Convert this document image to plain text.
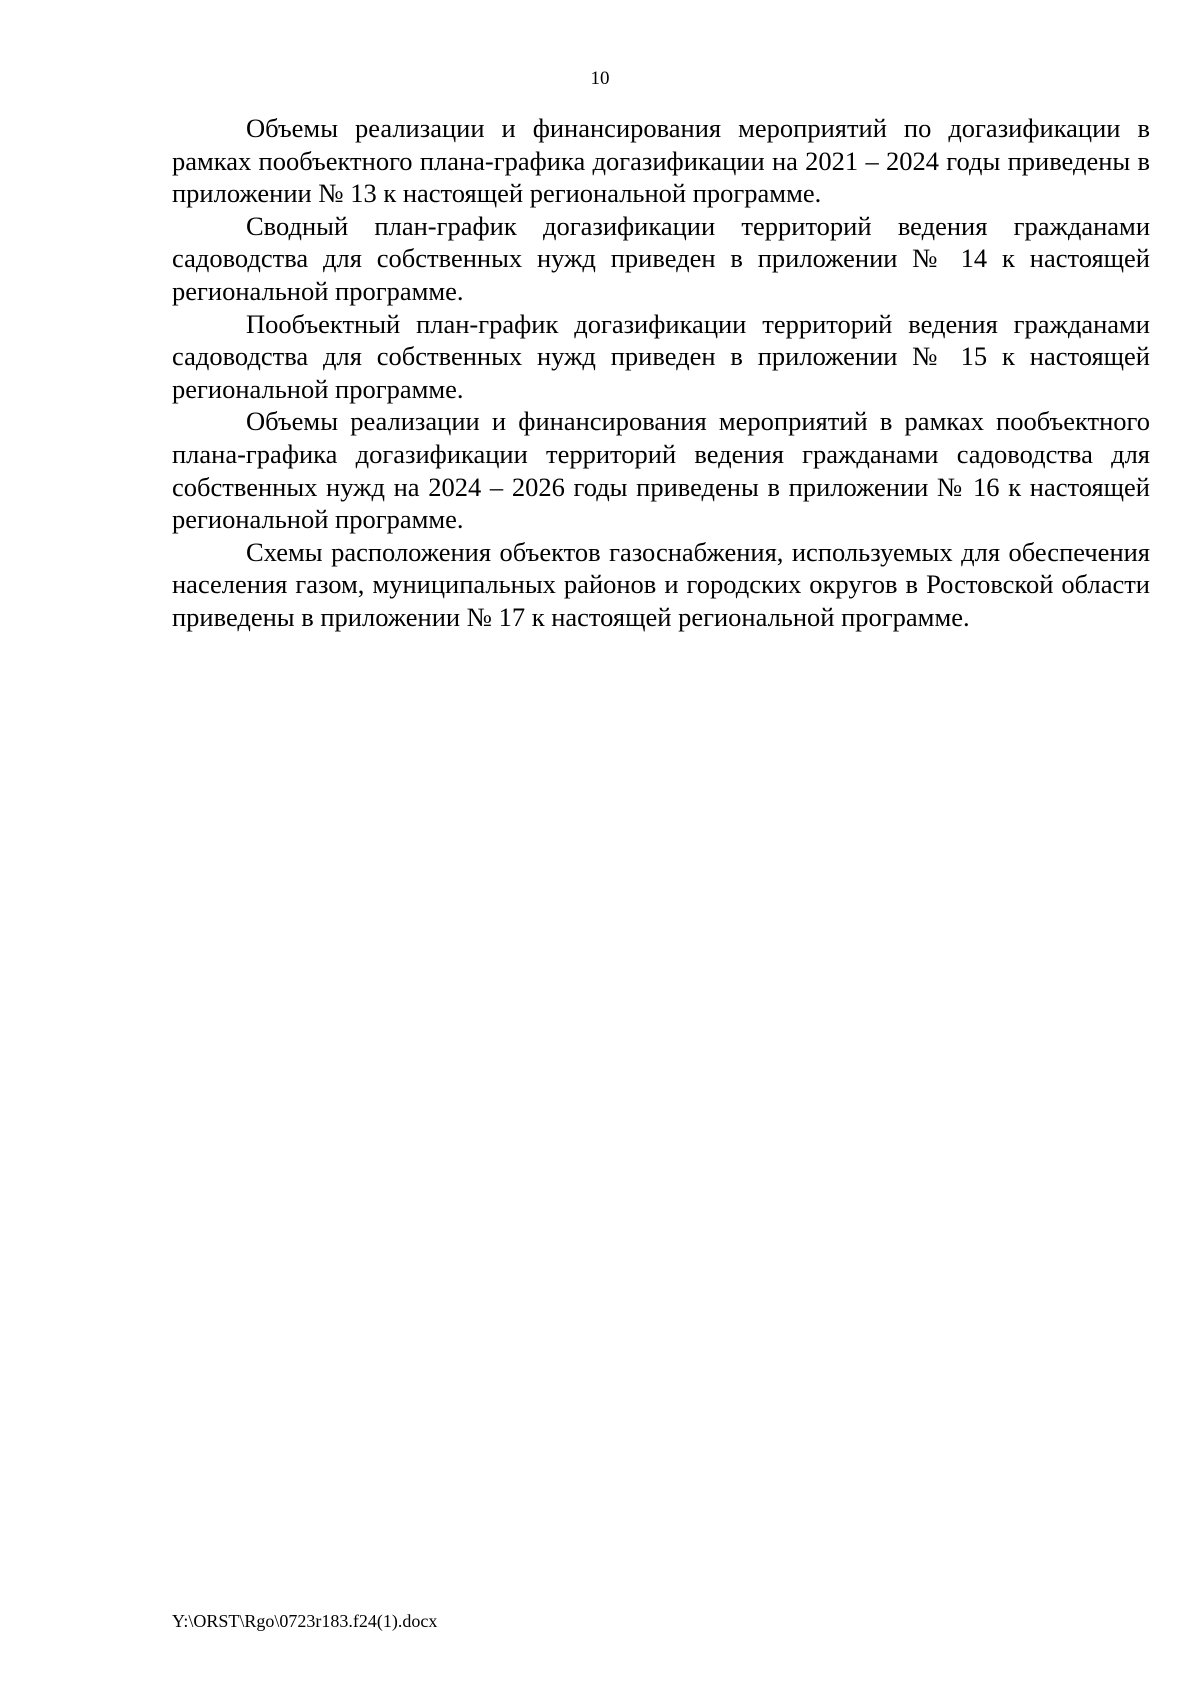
10

Объемы реализации и финансирования мероприятий по догазификации в рамках пообъектного плана-графика догазификации на 2021 – 2024 годы приведены в приложении № 13 к настоящей региональной программе.

Сводный план-график догазификации территорий ведения гражданами садоводства для собственных нужд приведен в приложении № 14 к настоящей региональной программе.

Пообъектный план-график догазификации территорий ведения гражданами садоводства для собственных нужд приведен в приложении № 15 к настоящей региональной программе.

Объемы реализации и финансирования мероприятий в рамках пообъектного плана-графика догазификации территорий ведения гражданами садоводства для собственных нужд на 2024 – 2026 годы приведены в приложении № 16 к настоящей региональной программе.

Схемы расположения объектов газоснабжения, используемых для обеспечения населения газом, муниципальных районов и городских округов в Ростовской области приведены в приложении № 17 к настоящей региональной программе.

Y:\ORST\Rgo\0723r183.f24(1).docx
